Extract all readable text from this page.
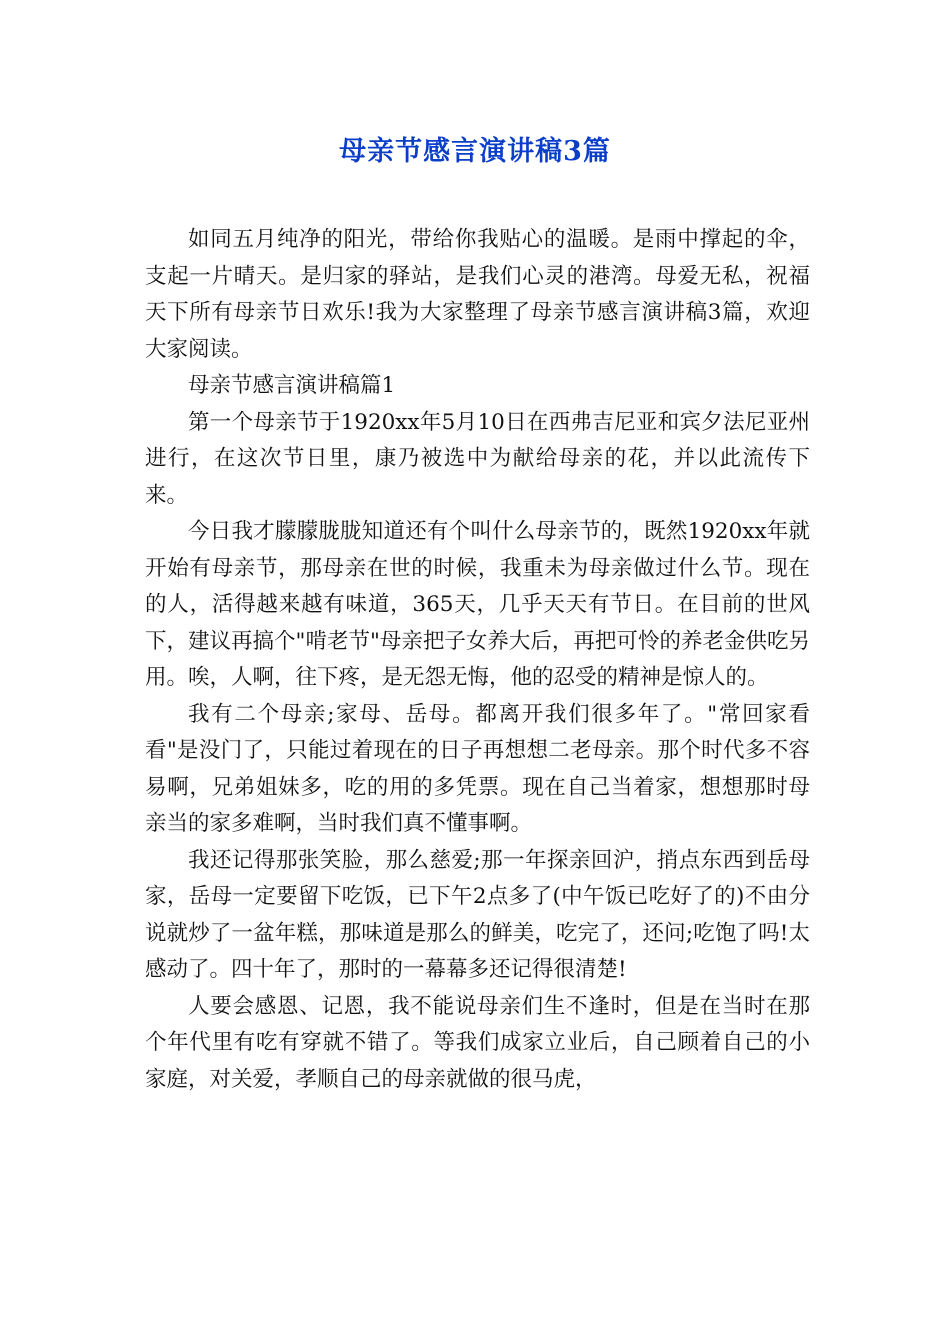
母亲节感言演讲稿3篇

如同五月纯净的阳光，带给你我贴心的温暖。是雨中撑起的伞，支起一片晴天。是归家的驿站，是我们心灵的港湾。母爱无私，祝福天下所有母亲节日欢乐!我为大家整理了母亲节感言演讲稿3篇，欢迎大家阅读。

母亲节感言演讲稿篇1

第一个母亲节于1920xx年5月10日在西弗吉尼亚和宾夕法尼亚州进行，在这次节日里，康乃被选中为献给母亲的花，并以此流传下来。

今日我才朦朦胧胧知道还有个叫什么母亲节的，既然1920xx年就开始有母亲节，那母亲在世的时候，我重未为母亲做过什么节。现在的人，活得越来越有味道，365天，几乎天天有节日。在目前的世风下，建议再搞个"啃老节"母亲把子女养大后，再把可怜的养老金供吃另用。唉，人啊，往下疼，是无怨无悔，他的忍受的精神是惊人的。

我有二个母亲;家母、岳母。都离开我们很多年了。"常回家看看"是没门了，只能过着现在的日子再想想二老母亲。那个时代多不容易啊，兄弟姐妹多，吃的用的多凭票。现在自己当着家，想想那时母亲当的家多难啊，当时我们真不懂事啊。

我还记得那张笑脸，那么慈爱;那一年探亲回沪，捎点东西到岳母家，岳母一定要留下吃饭，已下午2点多了(中午饭已吃好了的)不由分说就炒了一盆年糕，那味道是那么的鲜美，吃完了，还问;吃饱了吗!太感动了。四十年了，那时的一幕幕多还记得很清楚!

人要会感恩、记恩，我不能说母亲们生不逢时，但是在当时在那个年代里有吃有穿就不错了。等我们成家立业后，自己顾着自己的小家庭，对关爱，孝顺自己的母亲就做的很马虎，
